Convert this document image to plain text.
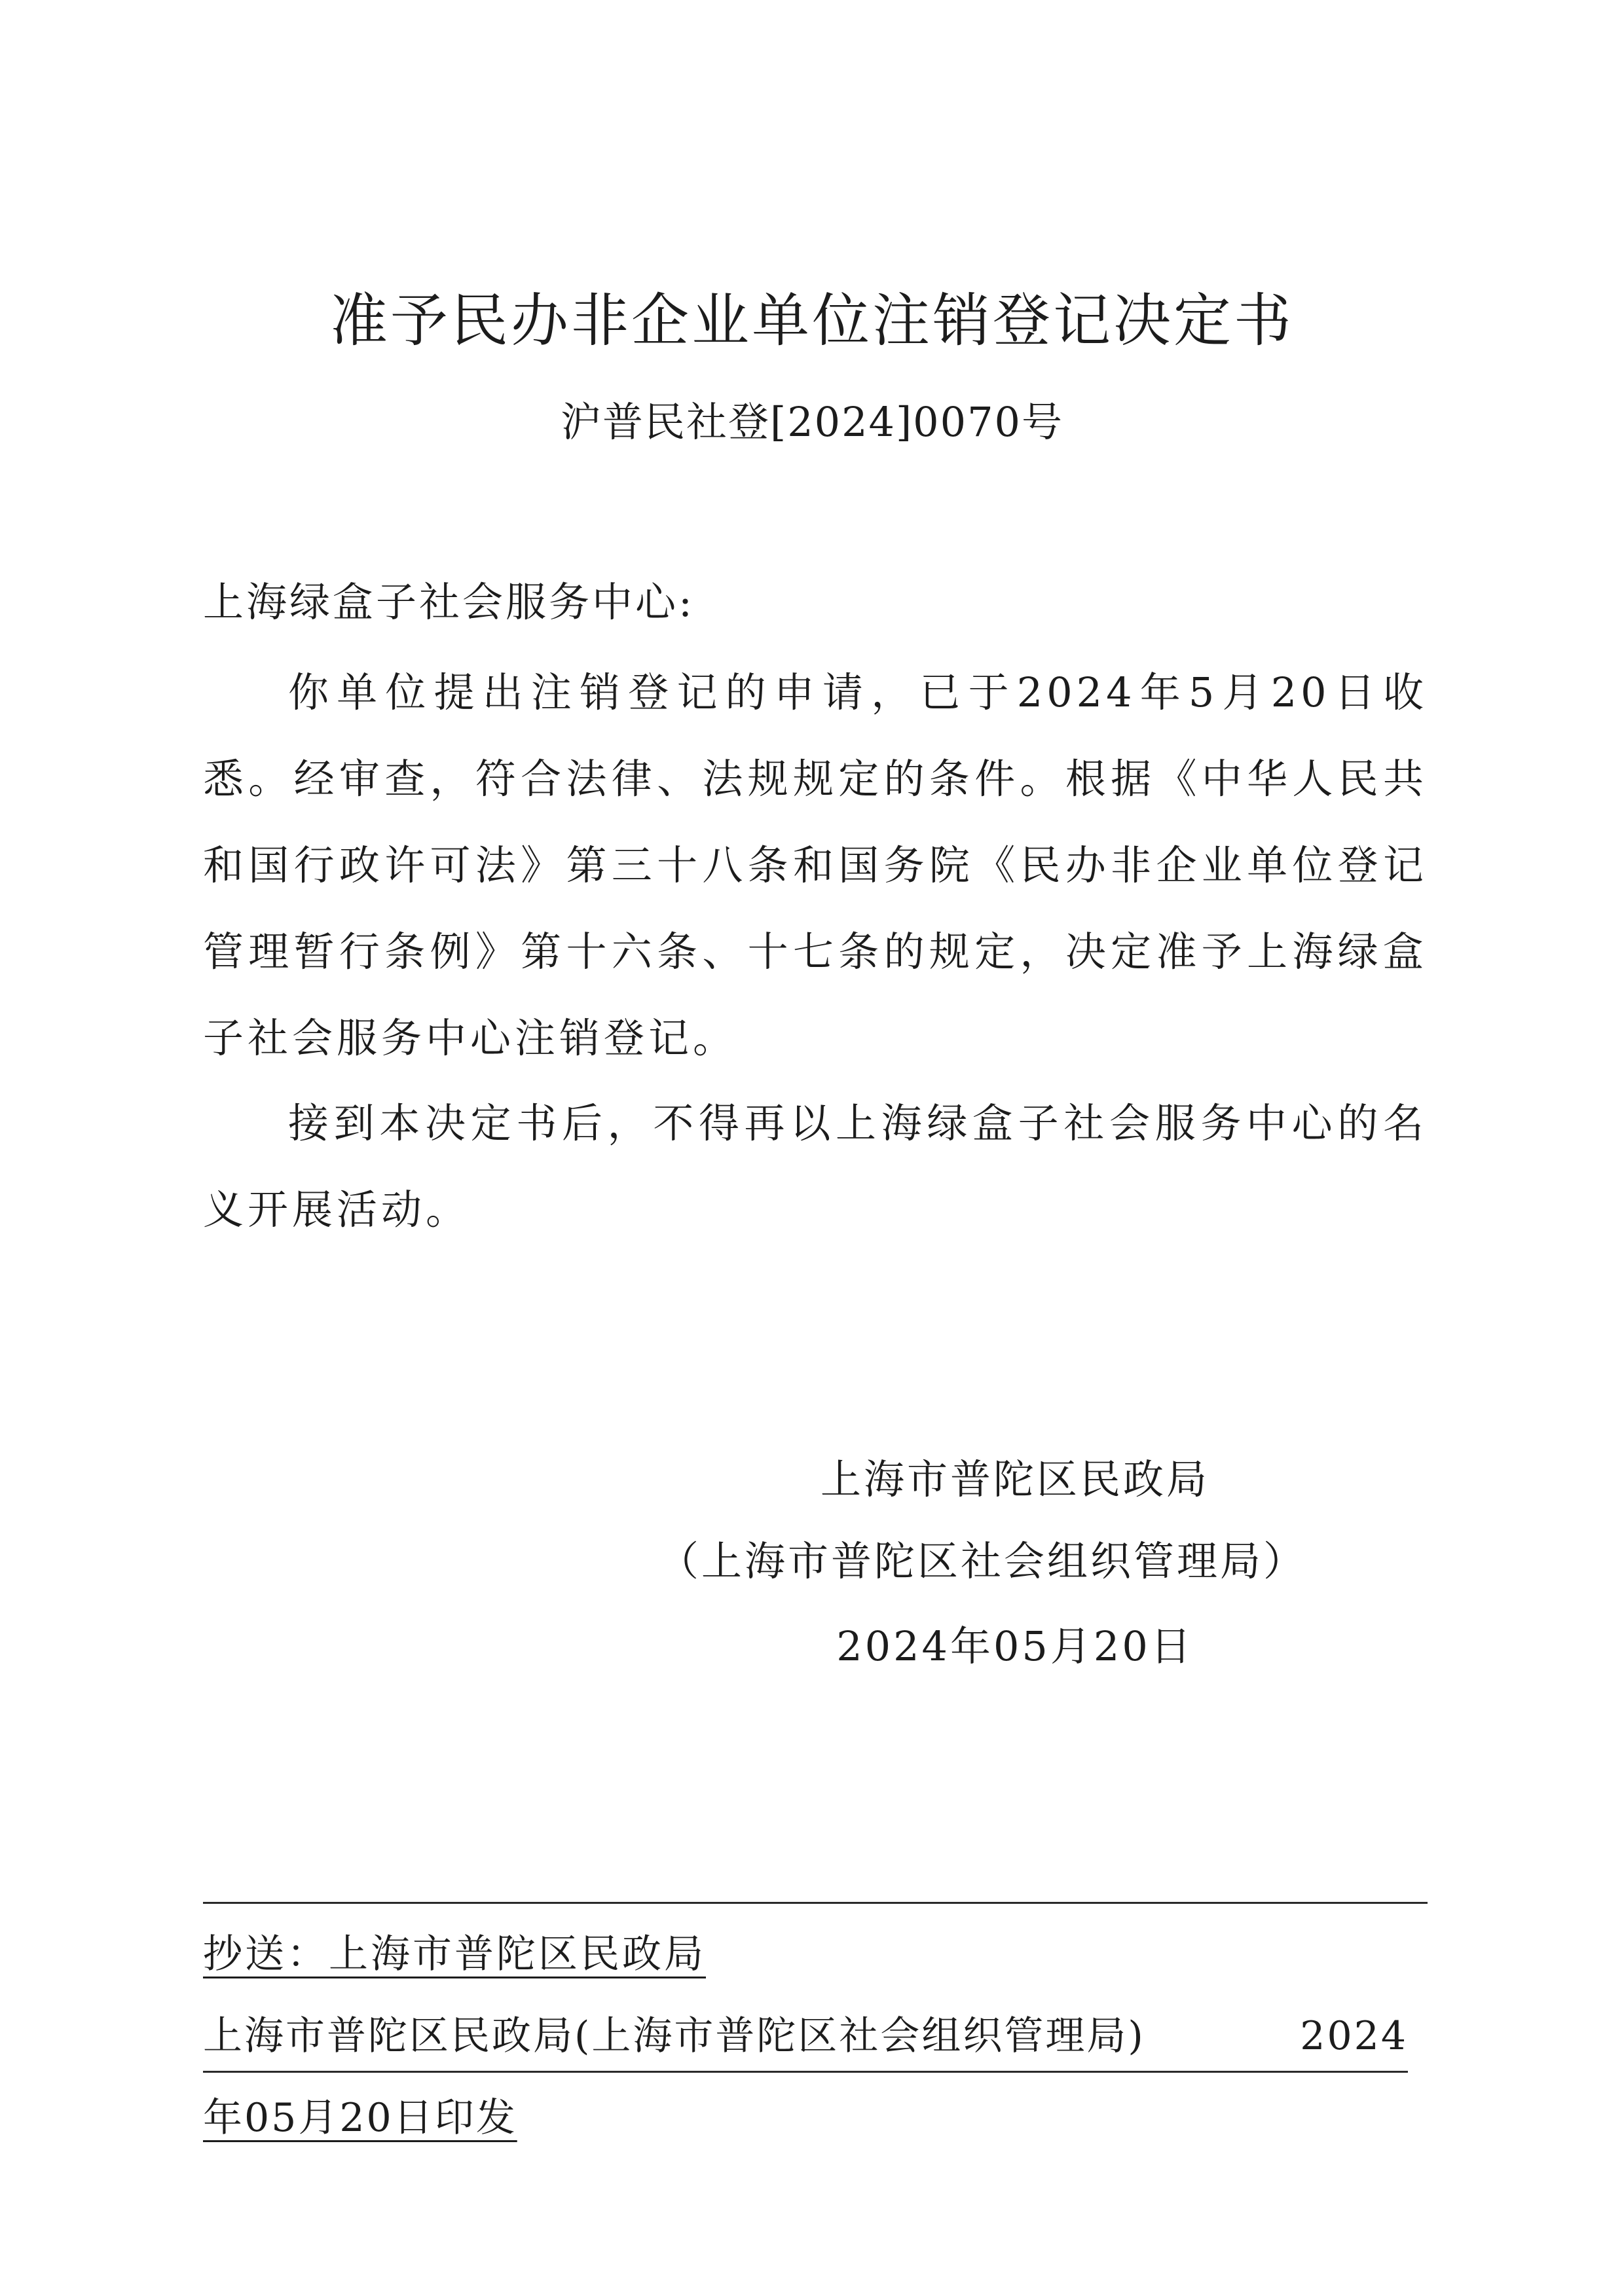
准予民办非企业单位注销登记决定书
沪普民社登[2024]0070号
上海绿盒子社会服务中心:

你单位提出注销登记的申请，已于2024年5月20日收悉。经审查，符合法律、法规规定的条件。根据《中华人民共和国行政许可法》第三十八条和国务院《民办非企业单位登记管理暂行条例》第十六条、十七条的规定，决定准予上海绿盒子社会服务中心注销登记。

接到本决定书后，不得再以上海绿盒子社会服务中心的名义开展活动。

上海市普陀区民政局
（上海市普陀区社会组织管理局）
2024年05月20日
抄送：上海市普陀区民政局
上海市普陀区民政局(上海市普陀区社会组织管理局)	2024
年05月20日印发
